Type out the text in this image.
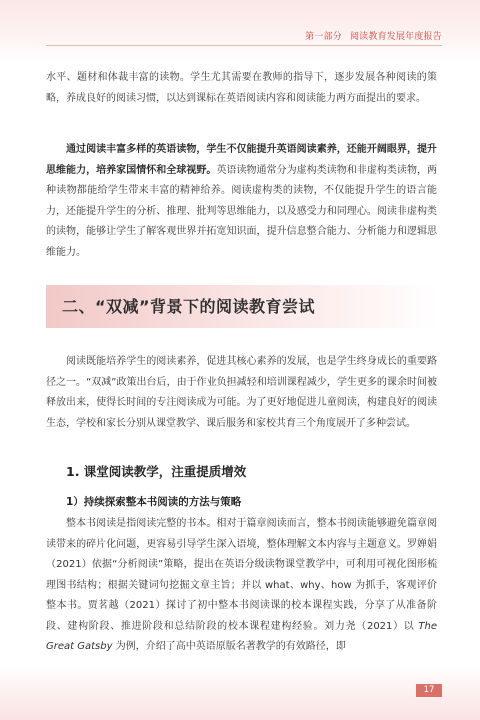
第一部分 阅读教育发展年度报告

水平、题材和体裁丰富的读物。学生尤其需要在教师的指导下，逐步发展各种阅读的策略，养成良好的阅读习惯，以达到课标在英语阅读内容和阅读能力两方面提出的要求。

通过阅读丰富多样的英语读物，学生不仅能提升英语阅读素养，还能开阔眼界，提升思维能力，培养家国情怀和全球视野。英语读物通常分为虚构类读物和非虚构类读物，两种读物都能给学生带来丰富的精神给养。阅读虚构类的读物，不仅能提升学生的语言能力，还能提升学生的分析、推理、批判等思维能力，以及感受力和同理心。阅读非虚构类的读物，能够让学生了解客观世界并拓宽知识面，提升信息整合能力、分析能力和逻辑思维能力。

二、“双减”背景下的阅读教育尝试

阅读既能培养学生的阅读素养，促进其核心素养的发展，也是学生终身成长的重要路径之一。“双减”政策出台后，由于作业负担减轻和培训课程减少，学生更多的课余时间被释放出来，使得长时间的专注阅读成为可能。为了更好地促进儿童阅读，构建良好的阅读生态，学校和家长分别从课堂教学、课后服务和家校共育三个角度展开了多种尝试。

1. 课堂阅读教学，注重提质增效
1）持续探索整本书阅读的方法与策略

整本书阅读是指阅读完整的书本。相对于篇章阅读而言，整本书阅读能够避免篇章阅读带来的碎片化问题，更容易引导学生深入语境，整体理解文本内容与主题意义。罗婵娟（2021）依据“分析阅读”策略，提出在英语分级读物课堂教学中，可利用可视化图形梳理图书结构；根据关键词句挖掘文章主旨；并以 what、why、how 为抓手，客观评价整本书。贾茗越（2021）探讨了初中整本书阅读课的校本课程实践，分享了从准备阶段、建构阶段、推进阶段和总结阶段的校本课程建构经验。刘力尧（2021）以 The Great Gatsby 为例，介绍了高中英语原版名著教学的有效路径，即

17
